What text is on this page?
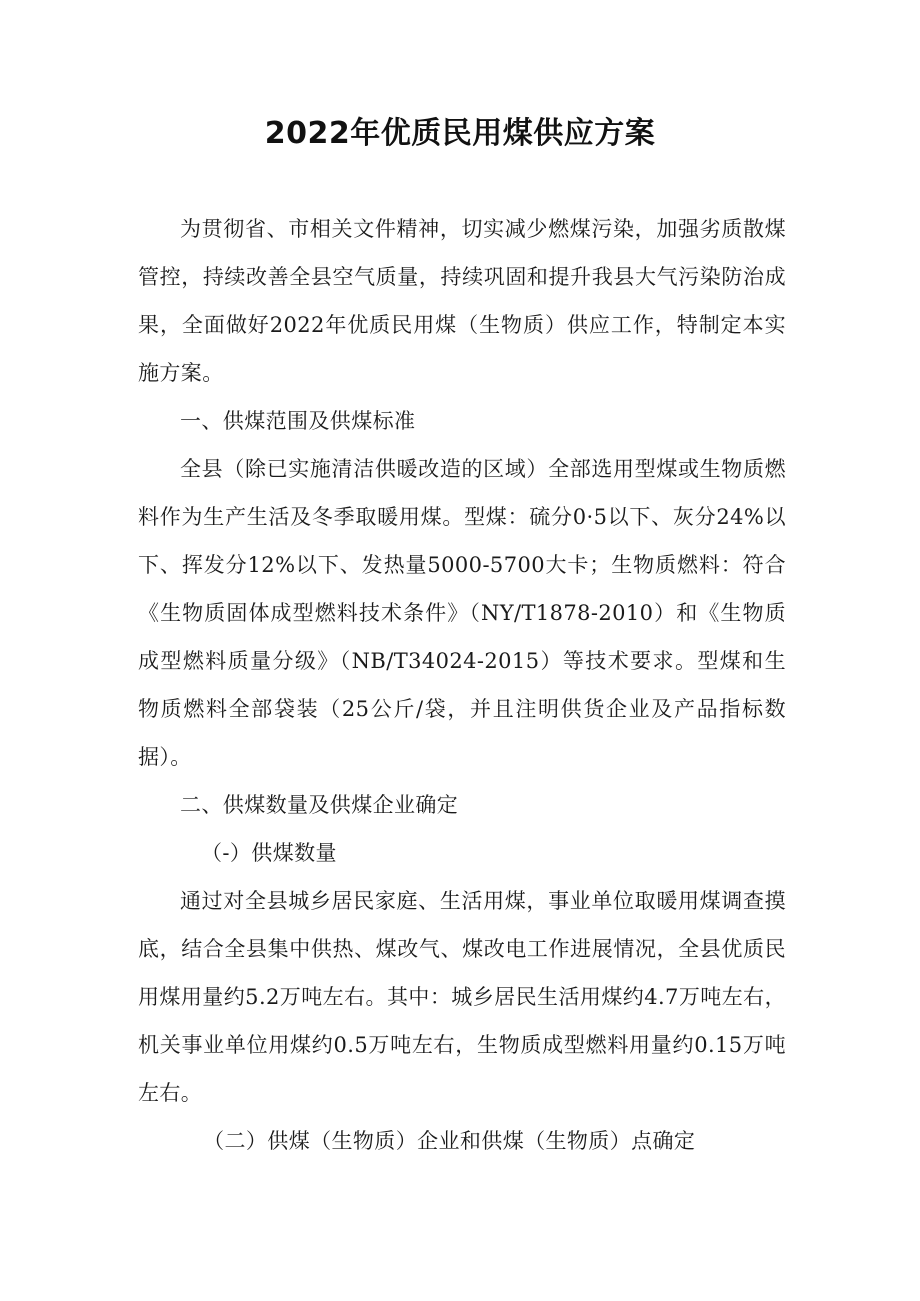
2022年优质民用煤供应方案

为贯彻省、市相关文件精神，切实减少燃煤污染，加强劣质散煤管控，持续改善全县空气质量，持续巩固和提升我县大气污染防治成果，全面做好2022年优质民用煤（生物质）供应工作，特制定本实施方案。

一、供煤范围及供煤标准

全县（除已实施清洁供暖改造的区域）全部选用型煤或生物质燃料作为生产生活及冬季取暖用煤。型煤：硫分0·5以下、灰分24%以下、挥发分12%以下、发热量5000-5700大卡；生物质燃料：符合《生物质固体成型燃料技术条件》（NY/T1878-2010）和《生物质成型燃料质量分级》（NB/T34024-2015）等技术要求。型煤和生物质燃料全部袋装（25公斤/袋，并且注明供货企业及产品指标数据）。

二、供煤数量及供煤企业确定

（-）供煤数量

通过对全县城乡居民家庭、生活用煤，事业单位取暖用煤调查摸底，结合全县集中供热、煤改气、煤改电工作进展情况，全县优质民用煤用量约5.2万吨左右。其中：城乡居民生活用煤约4.7万吨左右，机关事业单位用煤约0.5万吨左右，生物质成型燃料用量约0.15万吨左右。

（二）供煤（生物质）企业和供煤（生物质）点确定
